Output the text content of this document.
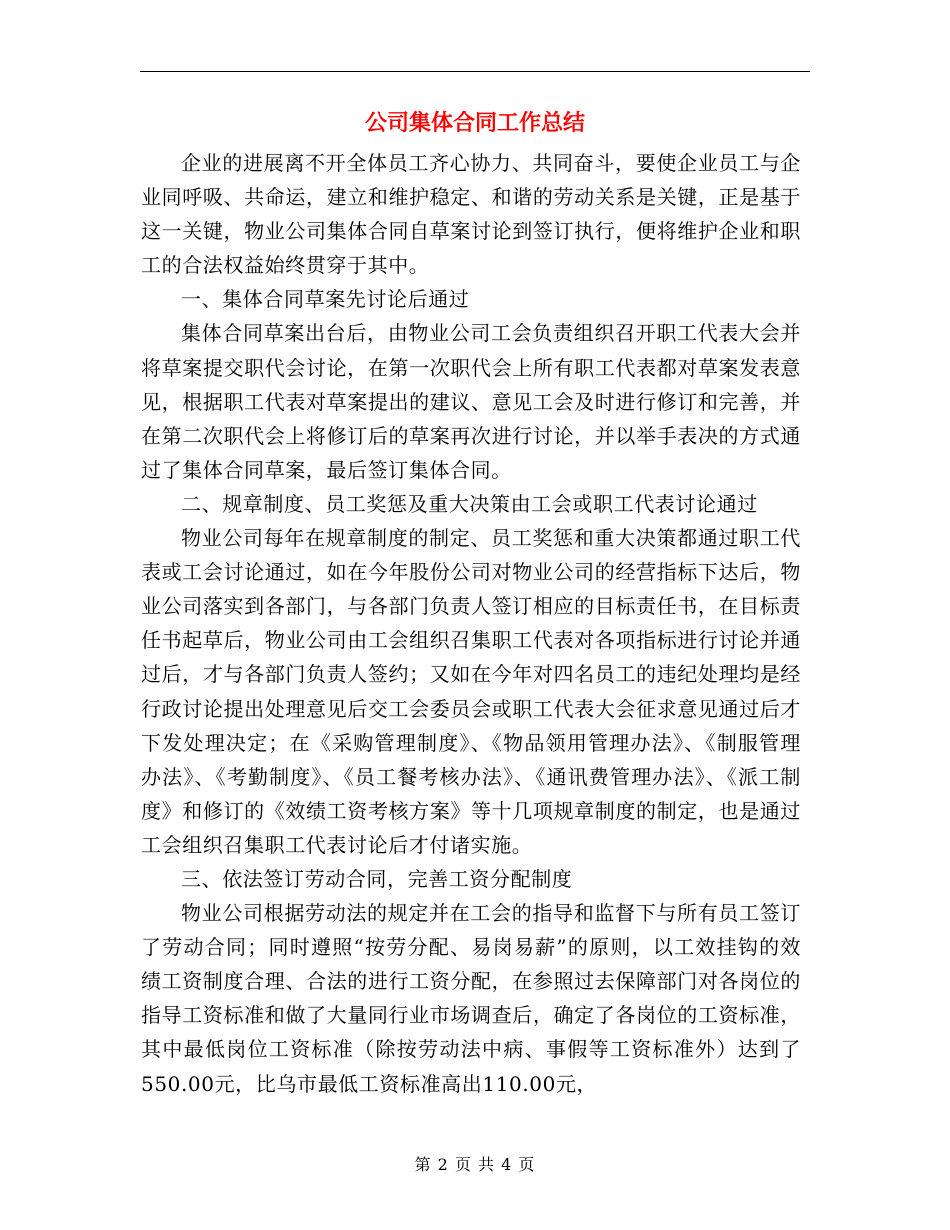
公司集体合同工作总结

企业的进展离不开全体员工齐心协力、共同奋斗，要使企业员工与企业同呼吸、共命运，建立和维护稳定、和谐的劳动关系是关键，正是基于这一关键，物业公司集体合同自草案讨论到签订执行，便将维护企业和职工的合法权益始终贯穿于其中。

一、集体合同草案先讨论后通过

集体合同草案出台后，由物业公司工会负责组织召开职工代表大会并将草案提交职代会讨论，在第一次职代会上所有职工代表都对草案发表意见，根据职工代表对草案提出的建议、意见工会及时进行修订和完善，并在第二次职代会上将修订后的草案再次进行讨论，并以举手表决的方式通过了集体合同草案，最后签订集体合同。

二、规章制度、员工奖惩及重大决策由工会或职工代表讨论通过

物业公司每年在规章制度的制定、员工奖惩和重大决策都通过职工代表或工会讨论通过，如在今年股份公司对物业公司的经营指标下达后，物业公司落实到各部门，与各部门负责人签订相应的目标责任书，在目标责任书起草后，物业公司由工会组织召集职工代表对各项指标进行讨论并通过后，才与各部门负责人签约；又如在今年对四名员工的违纪处理均是经行政讨论提出处理意见后交工会委员会或职工代表大会征求意见通过后才下发处理决定；在《采购管理制度》、《物品领用管理办法》、《制服管理办法》、《考勤制度》、《员工餐考核办法》、《通讯费管理办法》、《派工制度》和修订的《效绩工资考核方案》等十几项规章制度的制定，也是通过工会组织召集职工代表讨论后才付诸实施。

三、依法签订劳动合同，完善工资分配制度

物业公司根据劳动法的规定并在工会的指导和监督下与所有员工签订了劳动合同；同时遵照“按劳分配、易岗易薪”的原则，以工效挂钩的效绩工资制度合理、合法的进行工资分配，在参照过去保障部门对各岗位的指导工资标准和做了大量同行业市场调查后，确定了各岗位的工资标准，其中最低岗位工资标准（除按劳动法中病、事假等工资标准外）达到了550.00元，比乌市最低工资标准高出110.00元，

第 2 页 共 4 页
